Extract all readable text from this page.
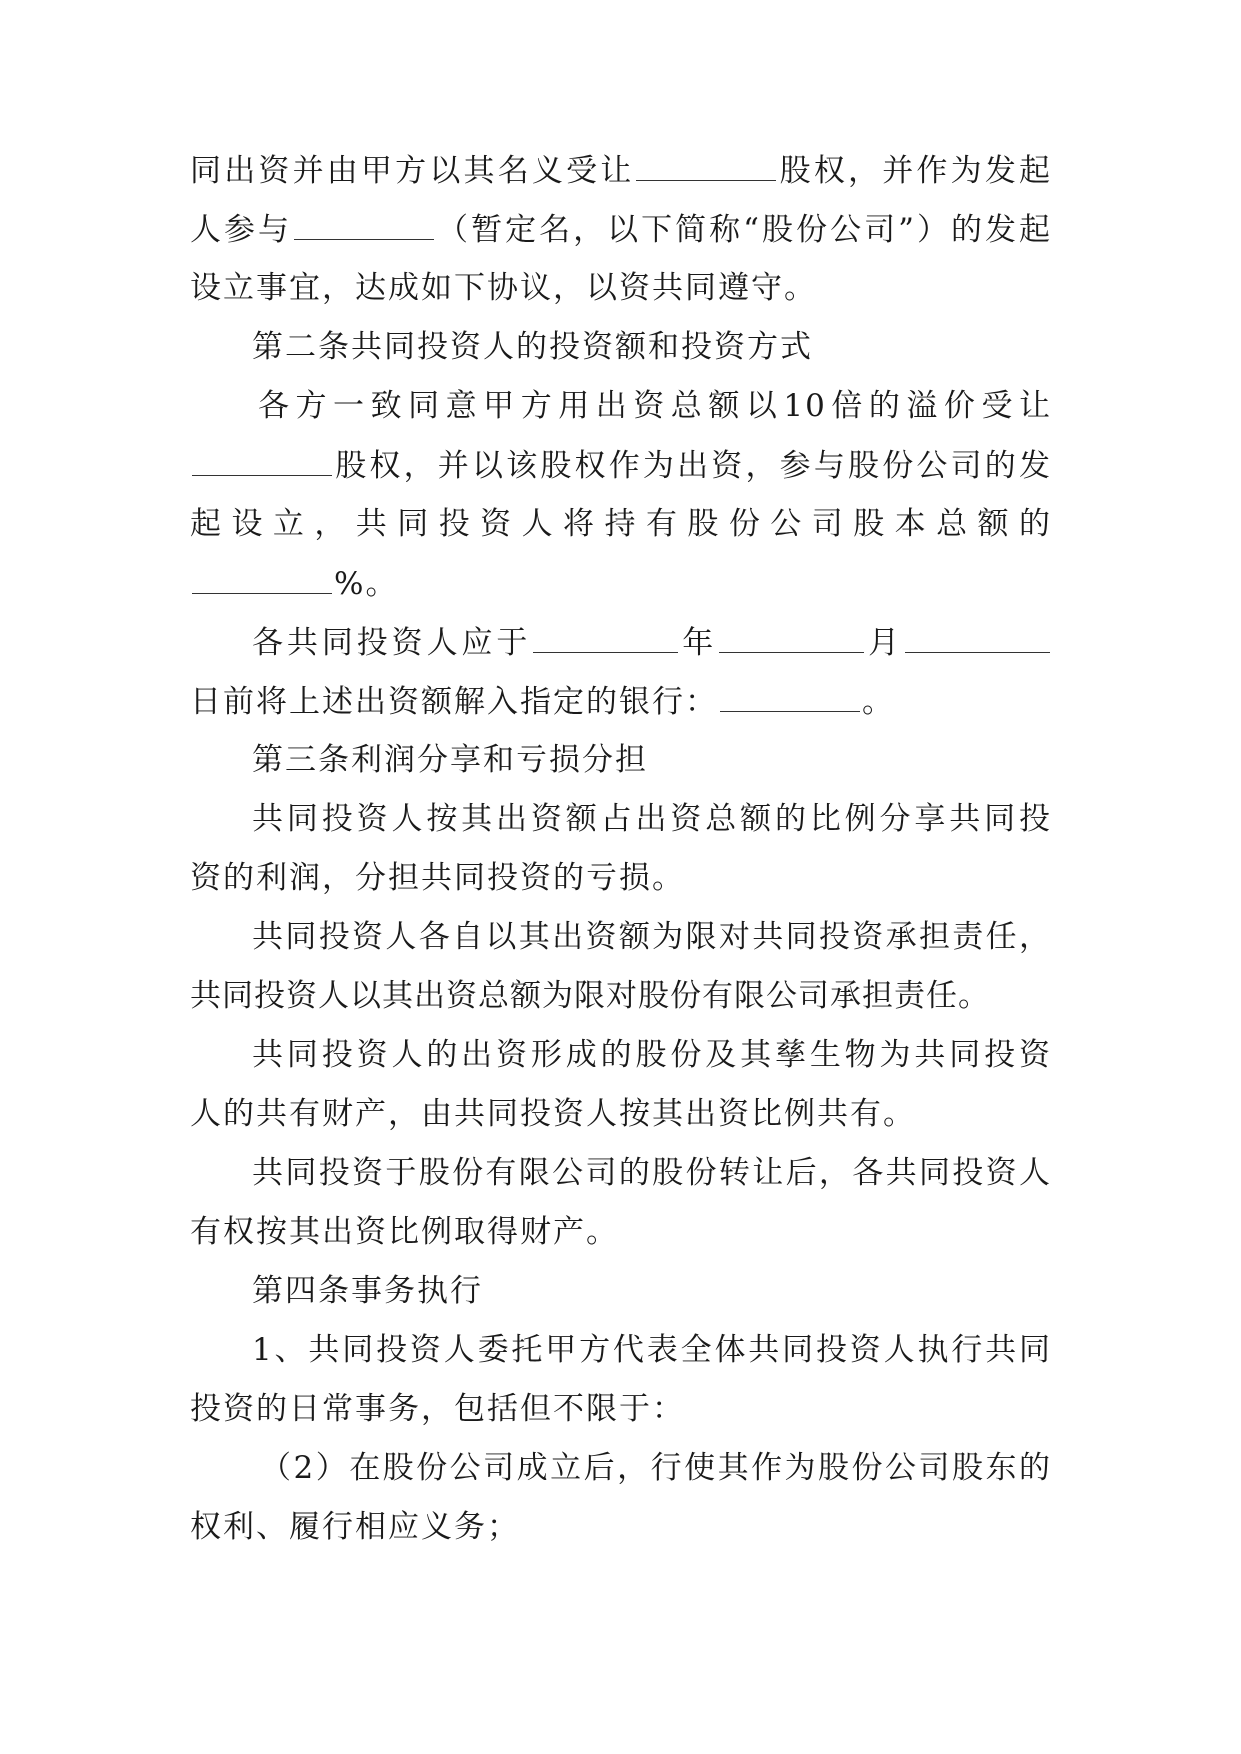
同出资并由甲方以其名义受让	股权，并作为发起
人参与	（暂定名，以下简称“股份公司”）的发起
设立事宜，达成如下协议，以资共同遵守。
第二条共同投资人的投资额和投资方式
各方一致同意甲方用出资总额以10倍的溢价受让
股权，并以该股权作为出资，参与股份公司的发
起设立，共同投资人将持有股份公司股本总额的
%。
各共同投资人应于	年	月
日前将上述出资额解入指定的银行：	。
第三条利润分享和亏损分担
共同投资人按其出资额占出资总额的比例分享共同投
资的利润，分担共同投资的亏损。
共同投资人各自以其出资额为限对共同投资承担责任，
共同投资人以其出资总额为限对股份有限公司承担责任。
共同投资人的出资形成的股份及其孳生物为共同投资
人的共有财产，由共同投资人按其出资比例共有。
共同投资于股份有限公司的股份转让后，各共同投资人
有权按其出资比例取得财产。
第四条事务执行
1、共同投资人委托甲方代表全体共同投资人执行共同
投资的日常事务，包括但不限于：
（2）在股份公司成立后，行使其作为股份公司股东的
权利、履行相应义务；
